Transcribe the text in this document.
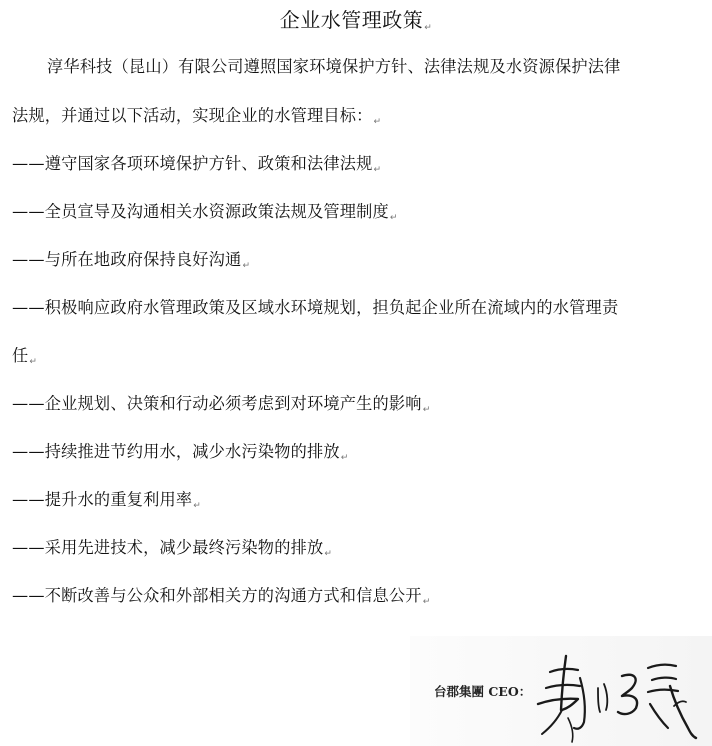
企业水管理政策↵
淳华科技（昆山）有限公司遵照国家环境保护方针、法律法规及水资源保护法律
法规，并通过以下活动，实现企业的水管理目标：↵
——遵守国家各项环境保护方针、政策和法律法规↵
——全员宣导及沟通相关水资源政策法规及管理制度↵
——与所在地政府保持良好沟通↵
——积极响应政府水管理政策及区域水环境规划，担负起企业所在流域内的水管理责
任↵
——企业规划、决策和行动必须考虑到对环境产生的影响↵
——持续推进节约用水，减少水污染物的排放↵
——提升水的重复利用率↵
——采用先进技术，减少最终污染物的排放↵
——不断改善与公众和外部相关方的沟通方式和信息公开↵
台郡集團 CEO：
